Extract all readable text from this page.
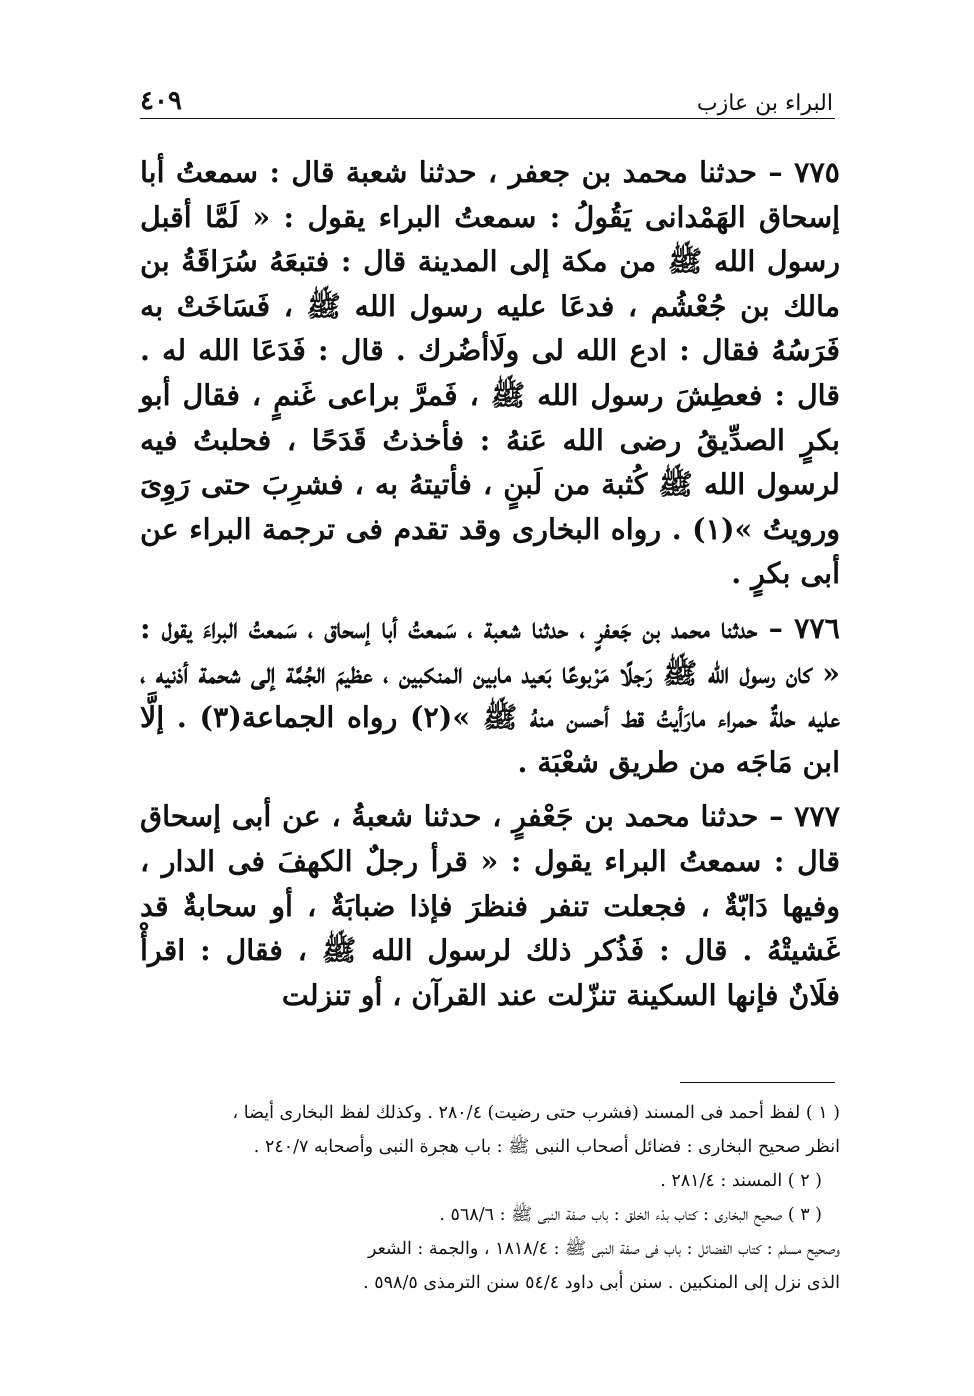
البراء بن عازب
٤٠٩

٧٧٥ – حدثنا محمد بن جعفر ، حدثنا شعبة قال : سمعتُ أبا إسحاق الهَمْدانى يَقُولُ : سمعتُ البراء يقول : « لَمَّا أقبل رسول الله ﷺ من مكة إلى المدينة قال : فتبعَهُ سُرَاقَةُ بن مالك بن جُعْشُم ، فدعَا عليه رسول الله ﷺ ، فَسَاخَتْ به فَرَسُهُ فقال : ادع الله لى ولَاأضُرك . قال : فَدَعَا الله له . قال : فعطِشَ رسول الله ﷺ ، فَمرَّ براعى غَنمٍ ، فقال أبو بكرٍ الصدِّيقُ رضى الله عَنهُ : فأخذتُ قَدَحًا ، فحلبتُ فيه لرسول الله ﷺ كُثبة من لَبنٍ ، فأتيتهُ به ، فشرِبَ حتى رَوِىَ ورويتُ »(١) . رواه البخارى وقد تقدم فى ترجمة البراء عن أبى بكرٍ .

٧٧٦ – حدثنا محمد بن جَعفرٍ ، حدثنا شعبة ، سَمعتُ أبا إسحاق ، سَمعتُ البراءَ يقول : « كان رسول الله ﷺ رَجلًا مَرْبوعًا بَعيد مابين المنكبين ، عظيمَ الجُمَّة إلى شحمة أذنيه ، عليه حلةٌ حمراء مارَأيتُ قط أحسن منهُ ﷺ »(٢) رواه الجماعة(٣) . إلَّا ابن مَاجَه من طريق شعْبَة .

٧٧٧ – حدثنا محمد بن جَعْفرٍ ، حدثنا شعبةُ ، عن أبى إسحاق قال : سمعتُ البراء يقول : « قرأ رجلٌ الكهفَ فى الدار ، وفيها دَابّةٌ ، فجعلت تنفر فنظرَ فإذا ضبابَةٌ ، أو سحابةٌ قد غَشيتْهُ . قال : فَذُكر ذلك لرسول الله ﷺ ، فقال : اقرأْ فلَانٌ فإنها السكينة تنزّلت عند القرآن ، أو تنزلت

( ١ ) لفظ أحمد فى المسند (فشرب حتى رضيت) ٢٨٠/٤ . وكذلك لفظ البخارى أيضا ،

انظر صحيح البخارى : فضائل أصحاب النبى ﷺ : باب هجرة النبى وأصحابه ٢٤٠/٧ .

( ٢ ) المسند : ٢٨١/٤ .

( ٣ ) صحيح البخارى : كتاب بدْء الخلق : باب صفة النبى ﷺ : ٥٦٨/٦ .

وصحيح مسلم : كتاب الفضائل : باب فى صفة النبى ﷺ : ١٨١٨/٤ ، والجمة : الشعر

الذى نزل إلى المنكبين . سنن أبى داود ٥٤/٤ سنن الترمذى ٥٩٨/٥ .
